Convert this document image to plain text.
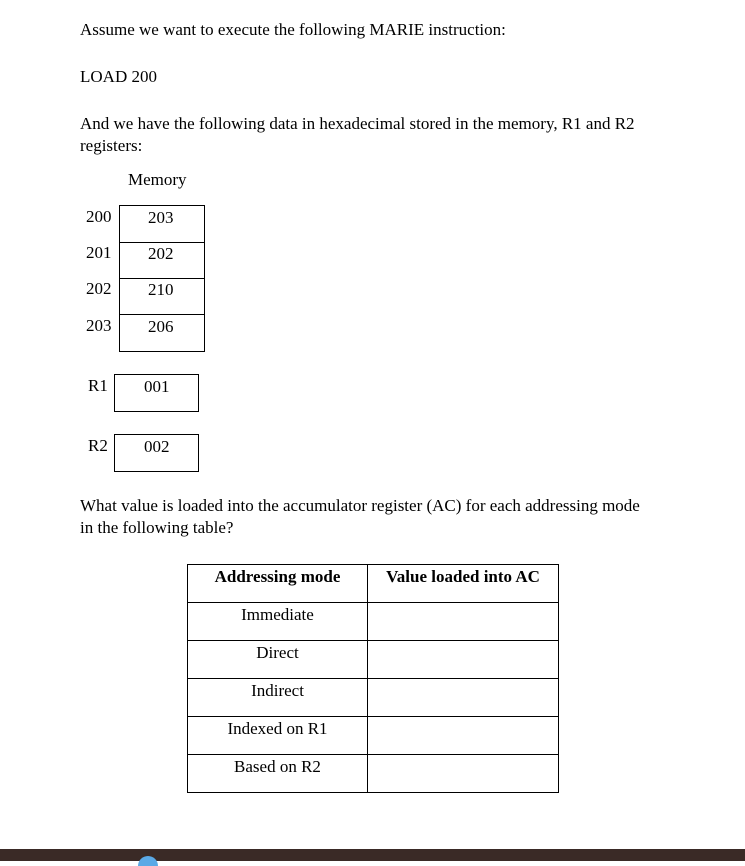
Assume we want to execute the following MARIE instruction:
LOAD 200
And we have the following data in hexadecimal stored in the memory, R1 and R2
registers:
Memory
200 203
201 202
202 210
203 206
R1 001
R2 002
What value is loaded into the accumulator register (AC) for each addressing mode
in the following table?
Addressing mode	Value loaded into AC
Immediate	
Direct	
Indirect	
Indexed on R1	
Based on R2	
